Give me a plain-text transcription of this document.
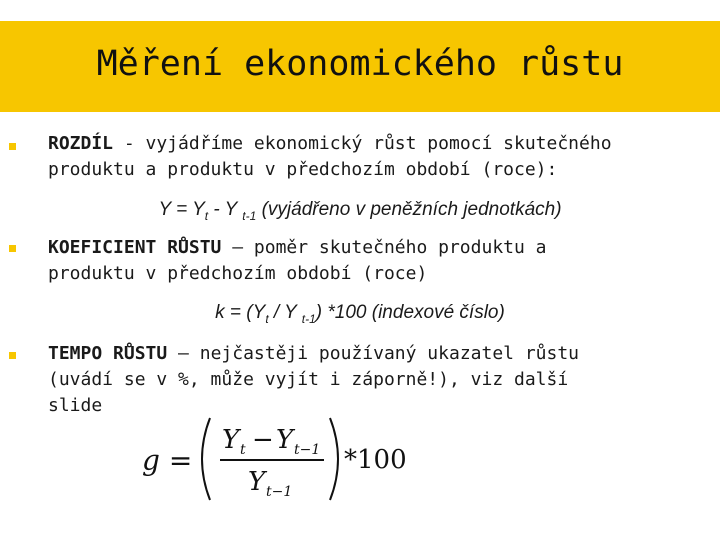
Měření ekonomického růstu
ROZDÍL - vyjádříme ekonomický růst pomocí skutečného
produktu a produktu v předchozím období (roce):
$Y = Y_t - Y$ $_{t-1}$ (vyjádřeno v peněžních jednotkách)
KOEFICIENT RŮSTU – poměr skutečného produktu a
produktu v předchozím období (roce)
$k = (Y_t / Y$ $_{t-1}$) *100 (indexové číslo)
TEMPO RŮSTU – nejčastěji používaný ukazatel růstu
(uvádí se v %, může vyjít i záporně!), viz další
slide
g =
Y t − Y t−1
Y t−1
*100
